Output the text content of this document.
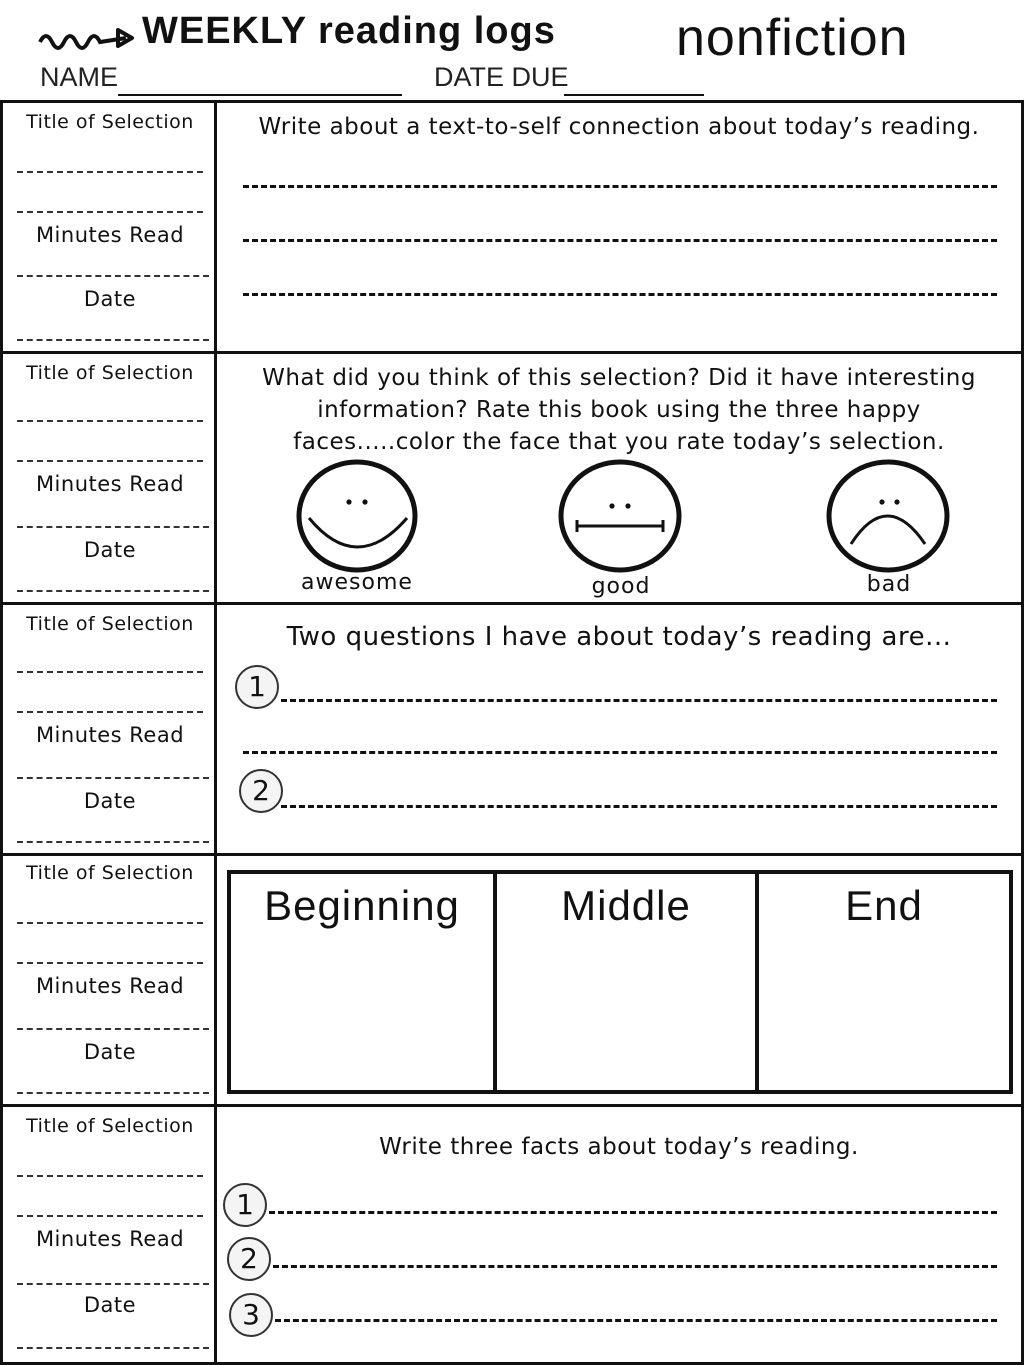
WEEKLY reading logs nonfiction
NAME	DATE DUE
Title of Selection
Minutes Read
Date
Write about a text-to-self connection about today’s reading.
Title of Selection
Minutes Read
Date
What did you think of this selection? Did it have interesting information? Rate this book using the three happy faces.....color the face that you rate today’s selection.
awesome	good	bad
Title of Selection
Minutes Read
Date
Two questions I have about today’s reading are...
1
2
Title of Selection
Minutes Read
Date
Beginning	Middle	End
Title of Selection
Minutes Read
Date
Write three facts about today’s reading.
1
2
3
